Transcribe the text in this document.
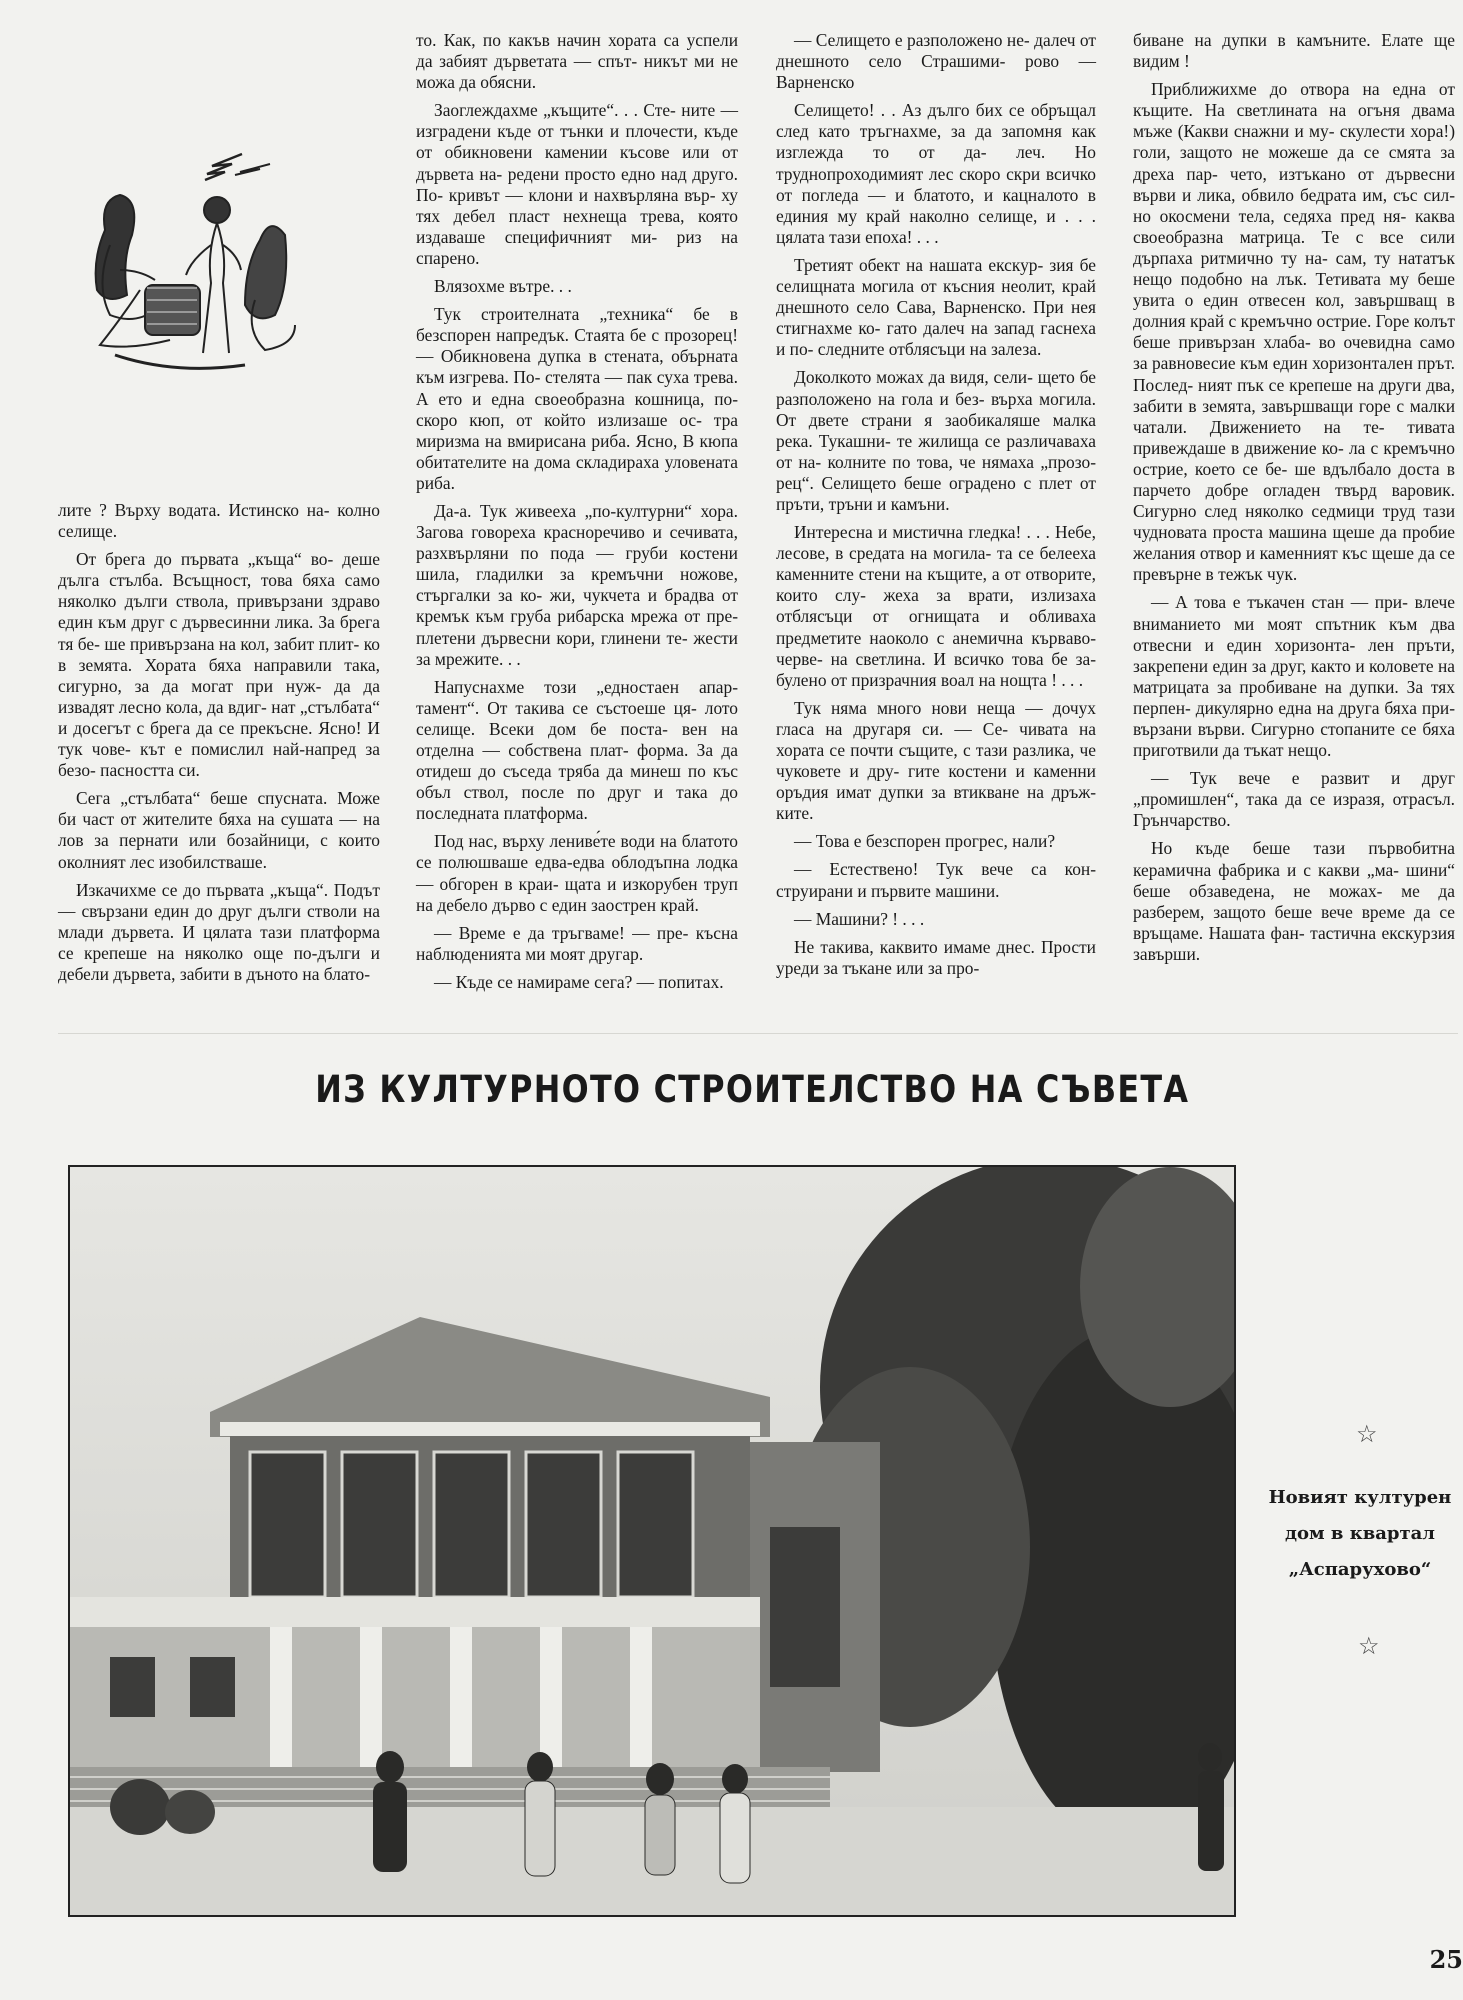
лите ? Върху водата. Истинско на- колно селище.

От брега до първата „къща“ во- деше дълга стълба. Всъщност, това бяха само няколко дълги ствола, привързани здраво един към друг с дървесинни лика. За брега тя бе- ше привързана на кол, забит плит- ко в земята. Хората бяха направили така, сигурно, за да могат при нуж- да да извадят лесно кола, да вдиг- нат „стълбата“ и досегът с брега да се прекъсне. Ясно! И тук чове- кът е помислил най-напред за безо- пасността си.

Сега „стълбата“ беше спусната. Може би част от жителите бяха на сушата — на лов за пернати или бозайници, с които околният лес изобилстваше.

Изкачихме се до първата „къща“. Подът — свързани един до друг дълги стволи на млади дървета. И цялата тази платформа се крепеше на няколко още по-дълги и дебели дървета, забити в дъното на блато-

то. Как, по какъв начин хората са успели да забият дърветата — спът- никът ми не можа да обясни.

Заоглеждахме „къщите“. . . Сте- ните — изградени къде от тънки и плочести, къде от обикновени камении късове или от дървета на- редени просто едно над друго. По- кривът — клони и нахвърляна вър- ху тях дебел пласт нехнеща трева, която издаваше специфичният ми- риз на спарено.

Влязохме вътре. . .

Тук строителната „техника“ бе в безспорен напредък. Стаята бе с прозорец! — Обикновена дупка в стената, обърната към изгрева. По- стелята — пак суха трева. А ето и една своеобразна кошница, по- скоро кюп, от който излизаше ос- тра миризма на вмирисана риба. Ясно, В кюпа обитателите на дома складираха уловената риба.

Да-а. Тук живееха „по-културни“ хора. Загова говореха красноречиво и сечивата, разхвърляни по пода — груби костени шила, гладилки за кремъчни ножове, стъргалки за ко- жи, чукчета и брадва от кремък към груба рибарска мрежа от пре- плетени дървесни кори, глинени те- жести за мрежите. . .

Напуснахме този „едностаен апар- тамент“. От такива се състоеше ця- лото селище. Всеки дом бе поста- вен на отделна — собствена плат- форма. За да отидеш до съседа тряба да минеш по къс объл ствол, после по друг и така до последната платформа.

Под нас, върху лениве́те води на блатото се полюшваше едва-едва облодъпна лодка — обгорен в краи- щата и изкорубен труп на дебело дърво с един заострен край.

— Време е да тръгваме! — пре- късна наблюденията ми моят другар.

— Къде се намираме сега? — попитах.

— Селището е разположено не- далеч от днешното село Страшими- рово — Варненско

Селището! . . Аз дълго бих се обръщал след като тръгнахме, за да запомня как изглежда то от да- леч. Но труднопроходимият лес скоро скри всичко от погледа — и блатото, и кацналото в единия му край наколно селище, и . . . цялата тази епоха! . . .

Третият обект на нашата екскур- зия бе селищната могила от късния неолит, край днешното село Сава, Варненско. При нея стигнахме ко- гато далеч на запад гаснеха и по- следните отблясъци на залеза.

Доколкото можах да видя, сели- щето бе разположено на гола и без- върха могила. От двете страни я заобикаляше малка река. Тукашни- те жилища се различаваха от на- колните по това, че нямаха „прозо- рец“. Селището беше оградено с плет от пръти, тръни и камъни.

Интересна и мистична гледка! . . . Небе, лесове, в средата на могила- та се белееха каменните стени на къщите, а от отворите, които слу- жеха за врати, излизаха отблясъци от огнищата и обливаха предметите наоколо с анемична кървaво-черве- на светлина. И всичко това бе за- булено от призрачния воал на нощта ! . . .

Тук няма много нови неща — дочух гласа на другаря си. — Се- чивата на хората се почти същите, с тази разлика, че чуковете и дру- гите костени и каменни оръдия имат дупки за втикване на дръж- ките.

— Това е безспорен прогрес, нали?

— Естествено! Тук вече са кон- струирани и първите машини.

— Машини? ! . . .

Не такива, каквито имаме днес. Прости уреди за тъкане или за про-

биване на дупки в камъните. Елате ще видим !

Приближихме до отвора на една от къщите. На светлината на огъня двама мъже (Какви снажни и му- скулести хора!) голи, защото не можеше да се смята за дреха пар- чето, изтъкано от дървесни върви и лика, обвило бедрата им, със сил- но окосмени тела, седяха пред ня- каква своеобразна матрица. Те с все сили дърпаха ритмично ту на- сам, ту нататък нещо подобно на лък. Тетивата му беше увита о един отвесен кол, завършващ в долния край с кремъчно острие. Горе колът беше привързан хлаба- во очевидна само за равновесие към един хоризонтален прът. Послед- ният пък се крепеше на други два, забити в земята, завършващи горе с малки чатали. Движението на те- тивата привеждаше в движение ко- ла с кремъчно острие, което се бе- ше вдълбало доста в парчето добре огладен твърд варовик. Сигурно след няколко седмици труд тази чудновата проста машина щеше да пробие желания отвор и каменният къс щеше да се превърне в тежък чук.

— А това е тъкачен стан — при- влече вниманието ми моят спътник към два отвесни и един хоризонта- лен пръти, закрепени един за друг, както и коловете на матрицата за пробиване на дупки. За тях перпен- дикулярно една на друга бяха при- вързани върви. Сигурно стопаните се бяха приготвили да тъкат нещо.

— Тук вече е развит и друг „промишлен“, така да се изразя, отрасъл. Грънчарство.

Но къде беше тази първобитна керамична фабрика и с какви „ма- шини“ беше обзаведена, не можах- ме да разберем, защото беше вече време да се връщаме. Нашата фан- тастична екскурзия завърши.

ИЗ КУЛТУРНОТО СТРОИТЕЛСТВО НА СЪВЕТА
☆
Новият културен
дом в квартал
„Аспарухово“
☆
25
